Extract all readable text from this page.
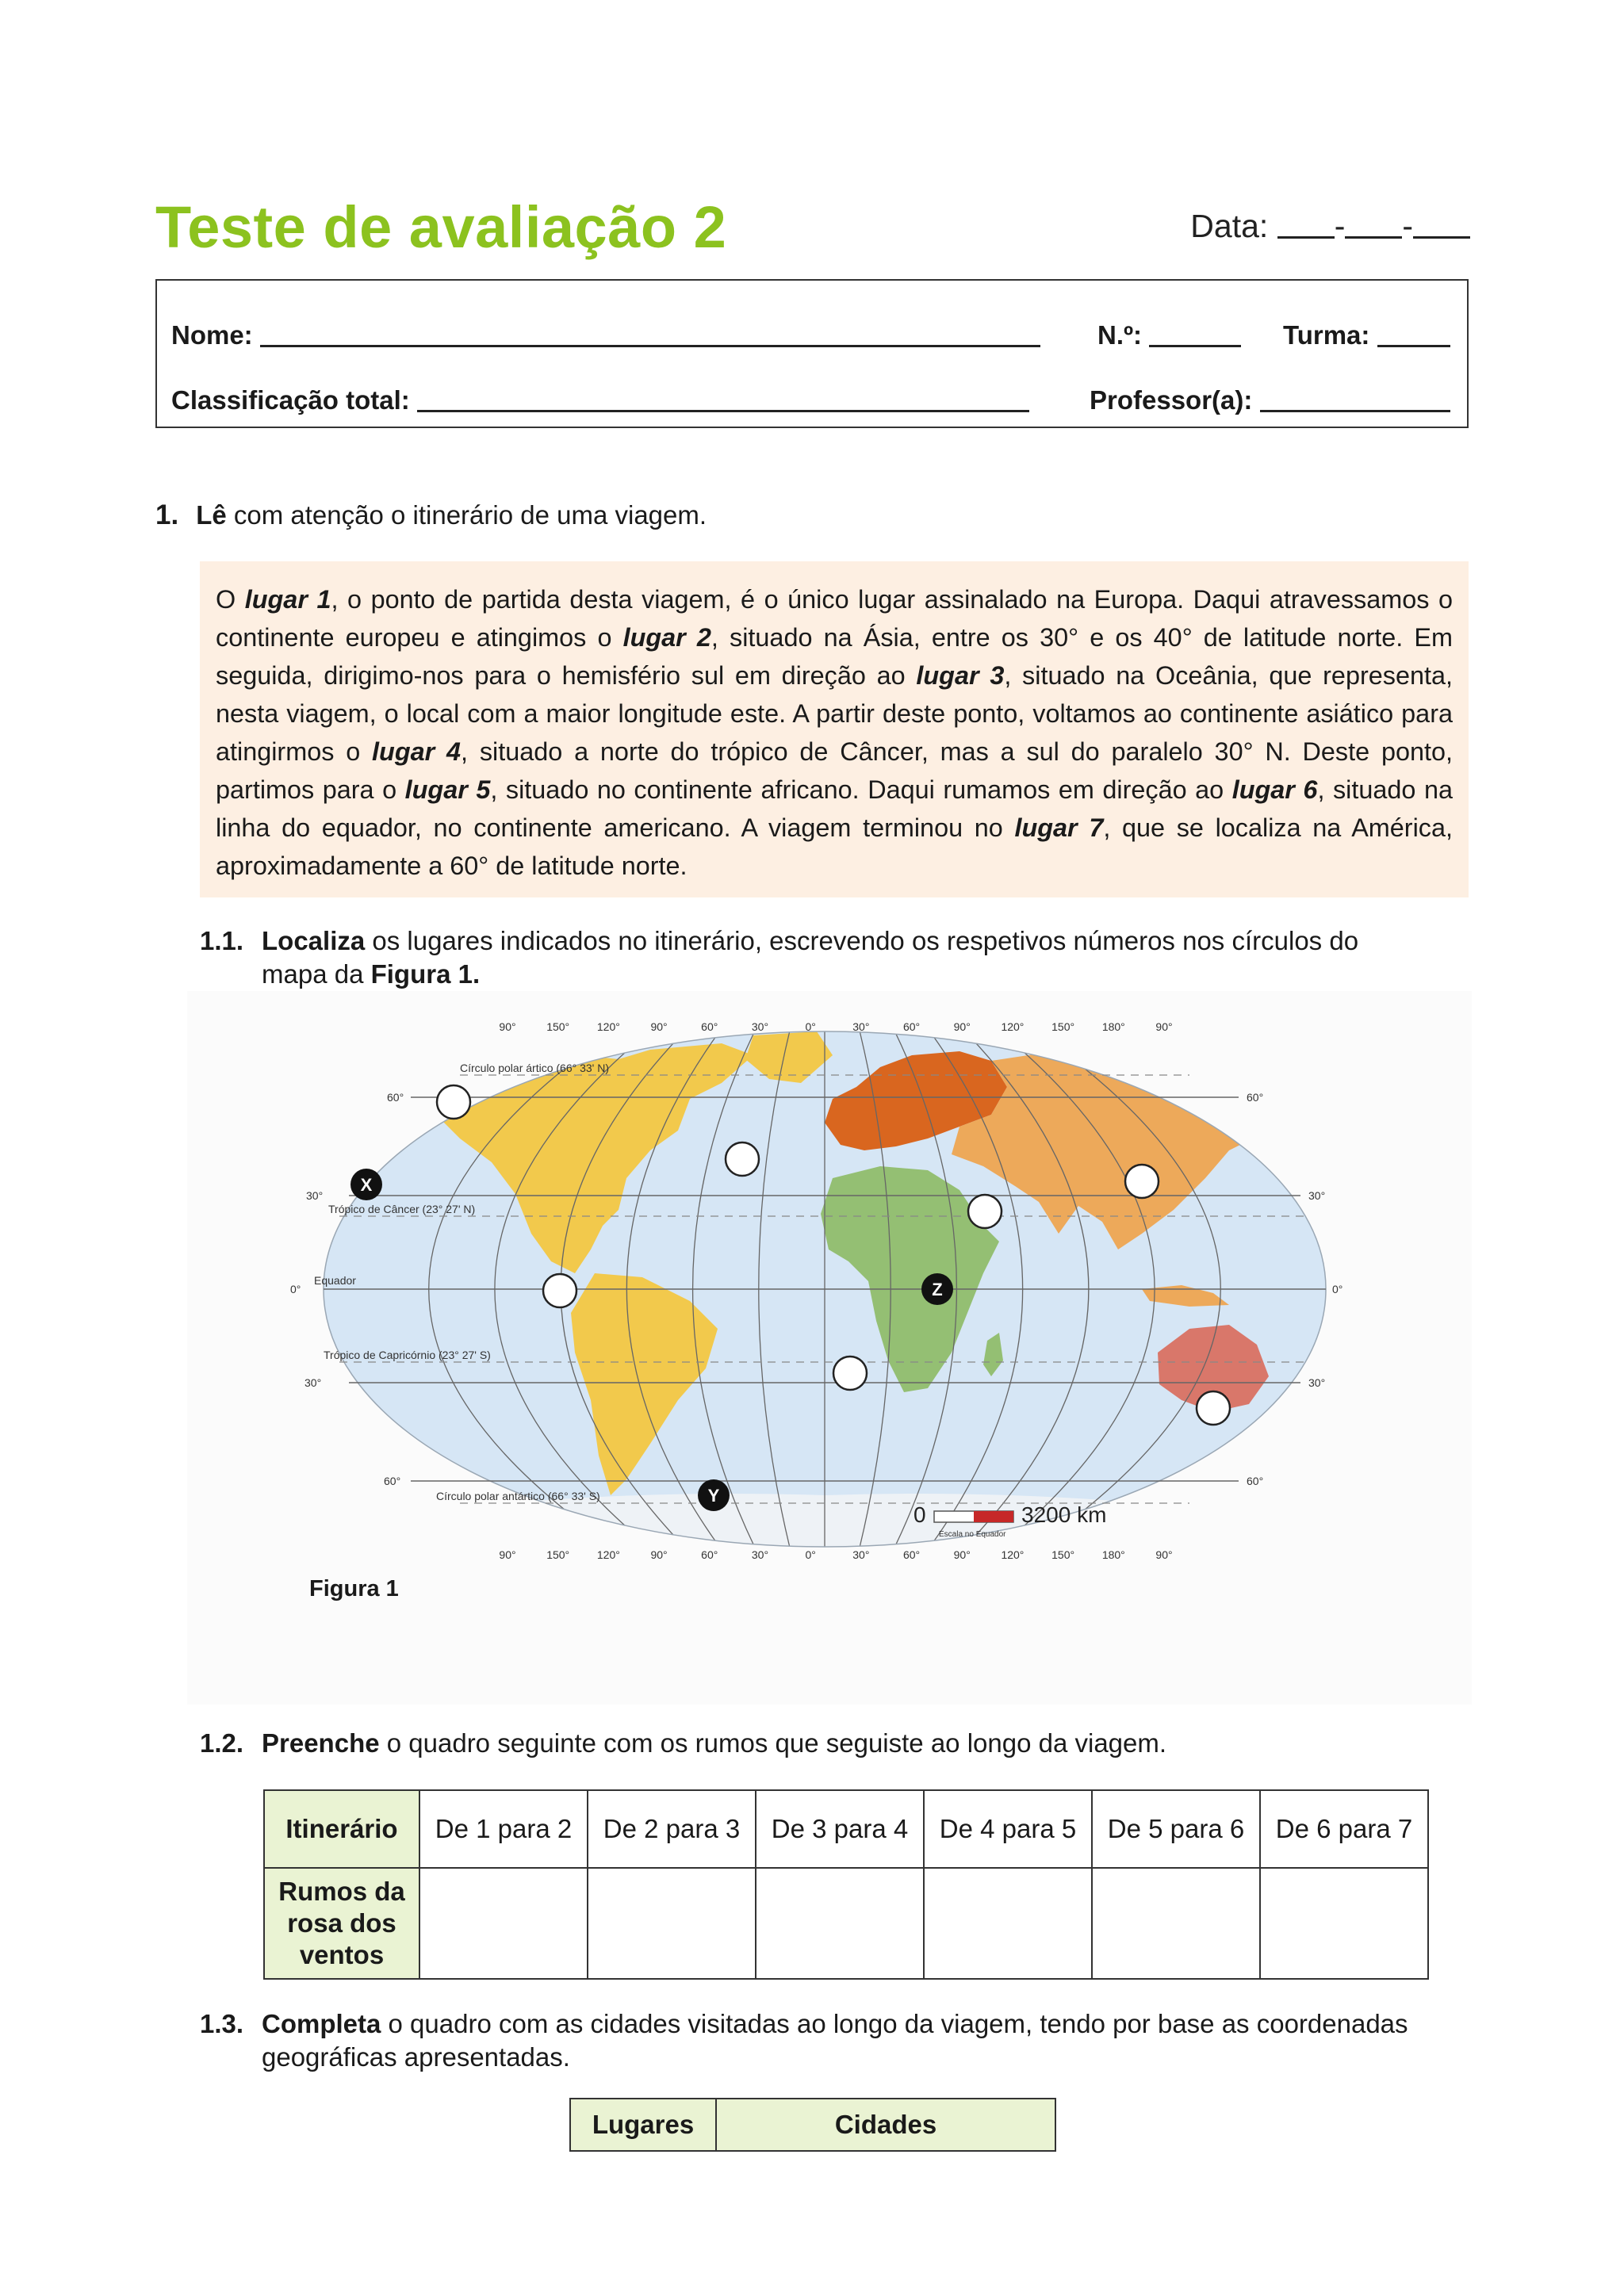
Teste de avaliação 2	Data: - -
Nome:	N.º:	Turma:
Classificação total:	Professor(a):
1. Lê com atenção o itinerário de uma viagem.

O lugar 1, o ponto de partida desta viagem, é o único lugar assinalado na Europa. Daqui atravessamos o continente europeu e atingimos o lugar 2, situado na Ásia, entre os 30° e os 40° de latitude norte. Em seguida, dirigimo-nos para o hemisfério sul em direção ao lugar 3, situado na Oceânia, que representa, nesta viagem, o local com a maior longitude este. A partir deste ponto, voltamos ao continente asiático para atingirmos o lugar 4, situado a norte do trópico de Câncer, mas a sul do paralelo 30° N. Deste ponto, partimos para o lugar 5, situado no continente africano. Daqui rumamos em direção ao lugar 6, situado na linha do equador, no continente americano. A viagem terminou no lugar 7, que se localiza na América, aproximadamente a 60° de latitude norte.

1.1. Localiza os lugares indicados no itinerário, escrevendo os respetivos números nos círculos do mapa da Figura 1.
90°	150° 120°	90°	60°	30°	0°	30°	60°	90°	120° 150° 180°	90°
90°	150° 120°	90°	60°	30°	0°	30°	60°	90°	120° 150° 180°	90°
60°	60°
30°	30°
0°	0°
30°	30°
60°	60°
Círculo polar ártico (66° 33' N)
Trópico de Câncer (23° 27' N)
Equador
Trópico de Capricórnio (23° 27' S)
Círculo polar antártico (66° 33' S)
X
Z
Y
0	3200 km
Escala no Equador
Figura 1
1.2. Preenche o quadro seguinte com os rumos que seguiste ao longo da viagem.
Itinerário	De 1 para 2	De 2 para 3	De 3 para 4	De 4 para 5	De 5 para 6	De 6 para 7

Rumos da
rosa dos
ventos						

1.3. Completa o quadro com as cidades visitadas ao longo da viagem, tendo por base as coordenadas geográficas apresentadas.
Lugares	Cidades
